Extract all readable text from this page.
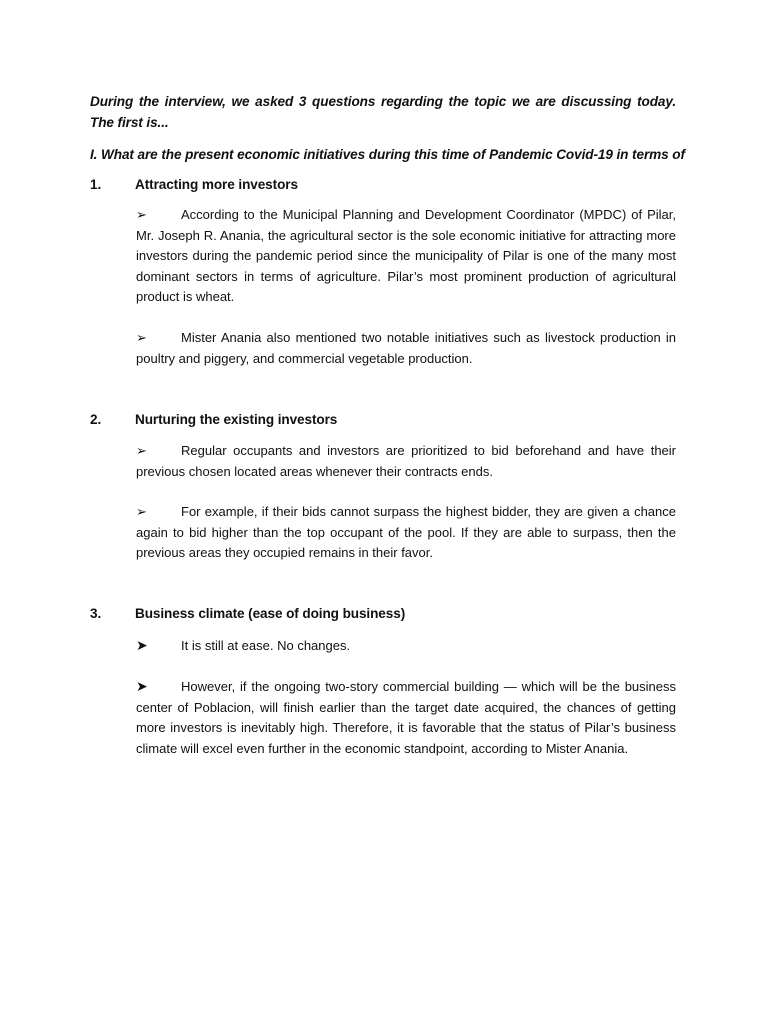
During the interview, we asked 3 questions regarding the topic we are discussing today. The first is...
I. What are the present economic initiatives during this time of Pandemic Covid-19 in terms of
1. Attracting more investors
➢	According to the Municipal Planning and Development Coordinator (MPDC) of Pilar, Mr. Joseph R. Anania, the agricultural sector is the sole economic initiative for attracting more investors during the pandemic period since the municipality of Pilar is one of the many most dominant sectors in terms of agriculture. Pilar’s most prominent production of agricultural product is wheat.
➢	Mister Anania also mentioned two notable initiatives such as livestock production in poultry and piggery, and commercial vegetable production.
2. Nurturing the existing investors
➢	Regular occupants and investors are prioritized to bid beforehand and have their previous chosen located areas whenever their contracts ends.
➢	For example, if their bids cannot surpass the highest bidder, they are given a chance again to bid higher than the top occupant of the pool. If they are able to surpass, then the previous areas they occupied remains in their favor.
3. Business climate (ease of doing business)
➤	It is still at ease. No changes.
➤	However, if the ongoing two-story commercial building — which will be the business center of Poblacion, will finish earlier than the target date acquired, the chances of getting more investors is inevitably high. Therefore, it is favorable that the status of Pilar’s business climate will excel even further in the economic standpoint, according to Mister Anania.
